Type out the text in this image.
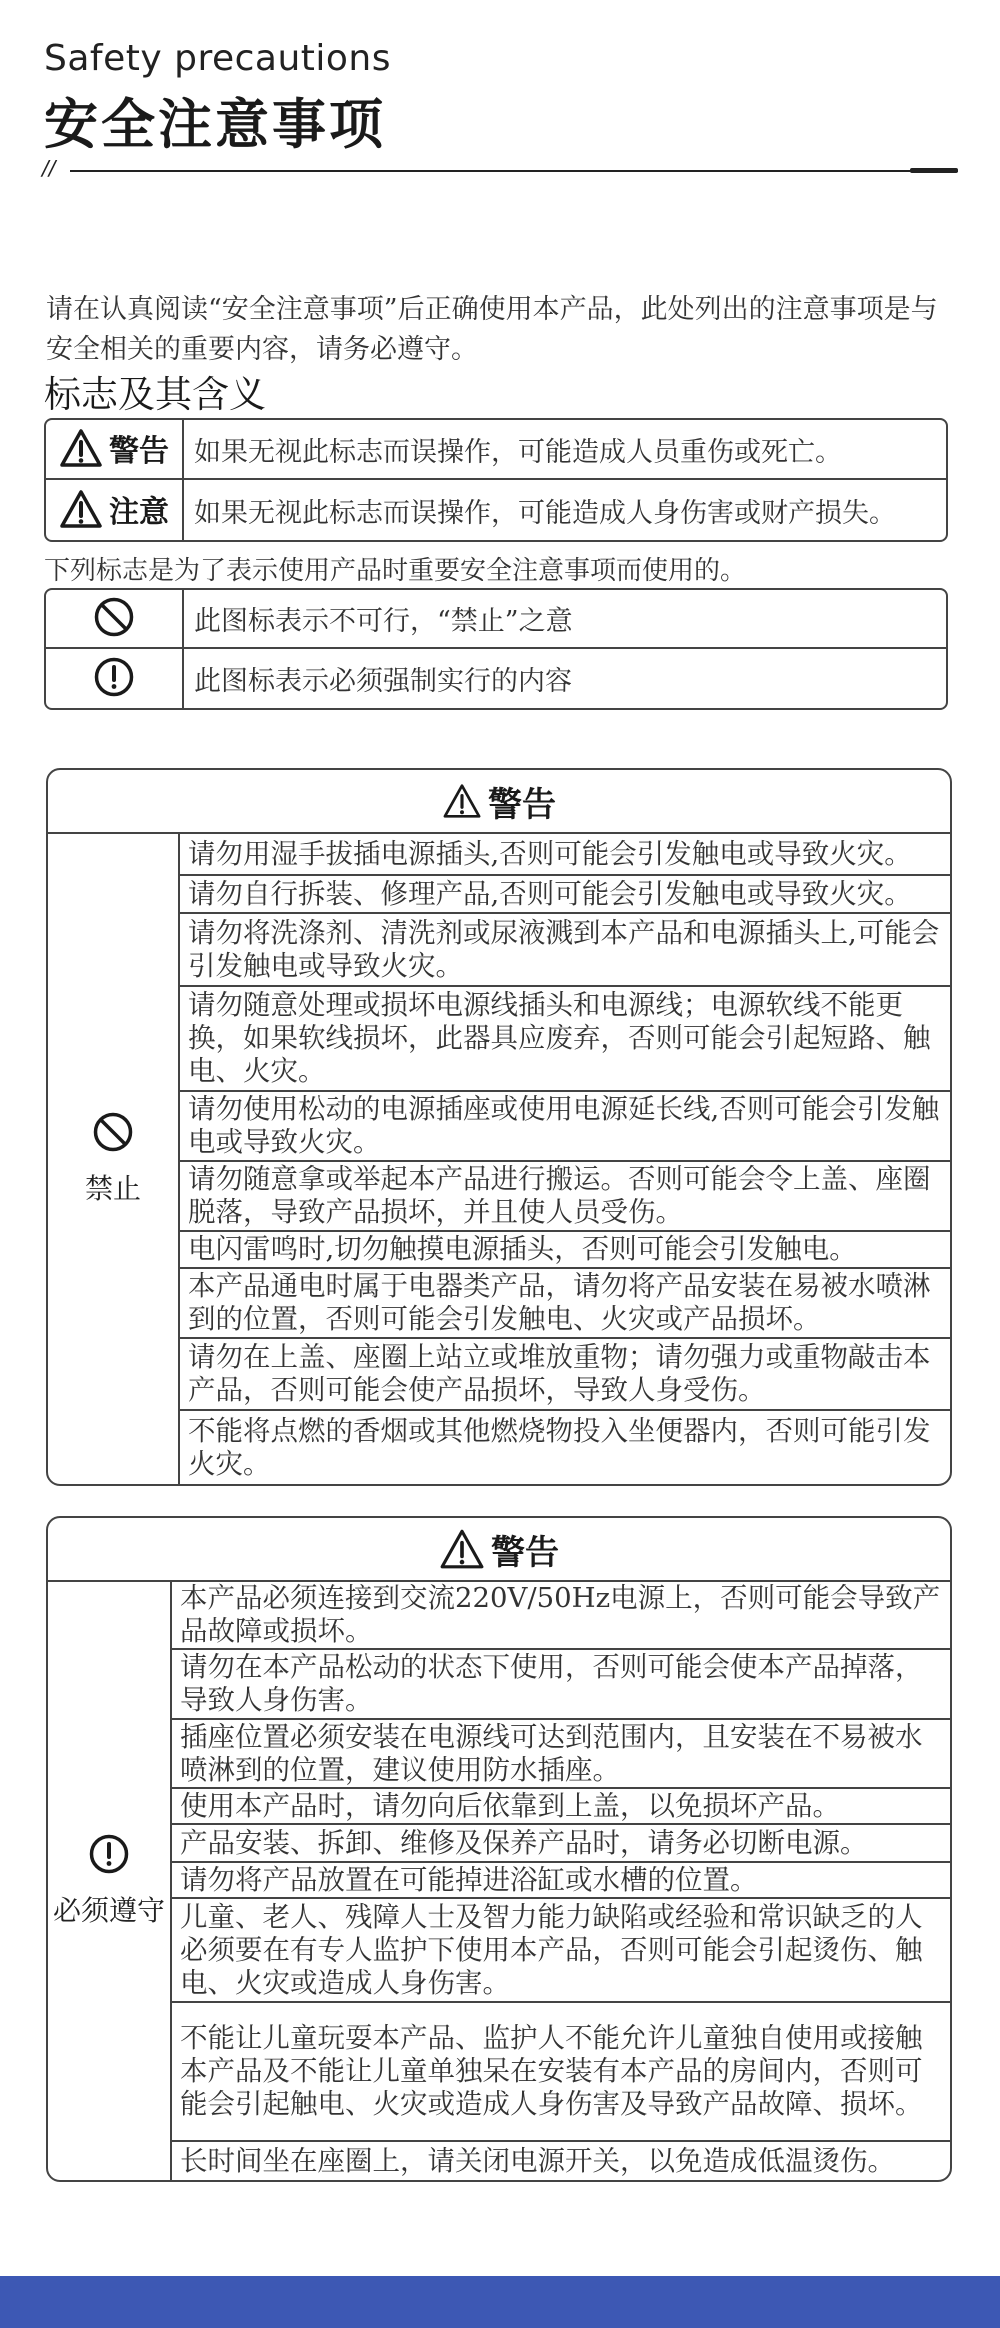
Safety precautions
安全注意事项
//
请在认真阅读“安全注意事项”后正确使用本产品，此处列出的注意事项是与安全相关的重要内容，请务必遵守。
标志及其含义
警告	如果无视此标志而误操作，可能造成人员重伤或死亡。

注意	如果无视此标志而误操作，可能造成人身伤害或财产损失。
下列标志是为了表示使用产品时重要安全注意事项而使用的。
	此图标表示不可行，“禁止”之意
	此图标表示必须强制实行的内容
警告
禁止
请勿用湿手拔插电源插头,否则可能会引发触电或导致火灾。
请勿自行拆装、修理产品,否则可能会引发触电或导致火灾。
请勿将洗涤剂、清洗剂或尿液溅到本产品和电源插头上,可能会引发触电或导致火灾。
请勿随意处理或损坏电源线插头和电源线；电源软线不能更换，如果软线损坏，此器具应废弃，否则可能会引起短路、触电、火灾。
请勿使用松动的电源插座或使用电源延长线,否则可能会引发触电或导致火灾。
请勿随意拿或举起本产品进行搬运。否则可能会令上盖、座圈脱落，导致产品损坏，并且使人员受伤。
电闪雷鸣时,切勿触摸电源插头，否则可能会引发触电。
本产品通电时属于电器类产品，请勿将产品安装在易被水喷淋到的位置，否则可能会引发触电、火灾或产品损坏。
请勿在上盖、座圈上站立或堆放重物；请勿强力或重物敲击本产品，否则可能会使产品损坏，导致人身受伤。
不能将点燃的香烟或其他燃烧物投入坐便器内，否则可能引发火灾。
警告
必须遵守
本产品必须连接到交流220V/50Hz电源上，否则可能会导致产品故障或损坏。
请勿在本产品松动的状态下使用，否则可能会使本产品掉落，导致人身伤害。
插座位置必须安装在电源线可达到范围内，且安装在不易被水喷淋到的位置，建议使用防水插座。
使用本产品时，请勿向后依靠到上盖，以免损坏产品。
产品安装、拆卸、维修及保养产品时，请务必切断电源。
请勿将产品放置在可能掉进浴缸或水槽的位置。
儿童、老人、残障人士及智力能力缺陷或经验和常识缺乏的人必须要在有专人监护下使用本产品，否则可能会引起烫伤、触电、火灾或造成人身伤害。
不能让儿童玩耍本产品、监护人不能允许儿童独自使用或接触本产品及不能让儿童单独呆在安装有本产品的房间内，否则可能会引起触电、火灾或造成人身伤害及导致产品故障、损坏。
长时间坐在座圈上，请关闭电源开关，以免造成低温烫伤。
